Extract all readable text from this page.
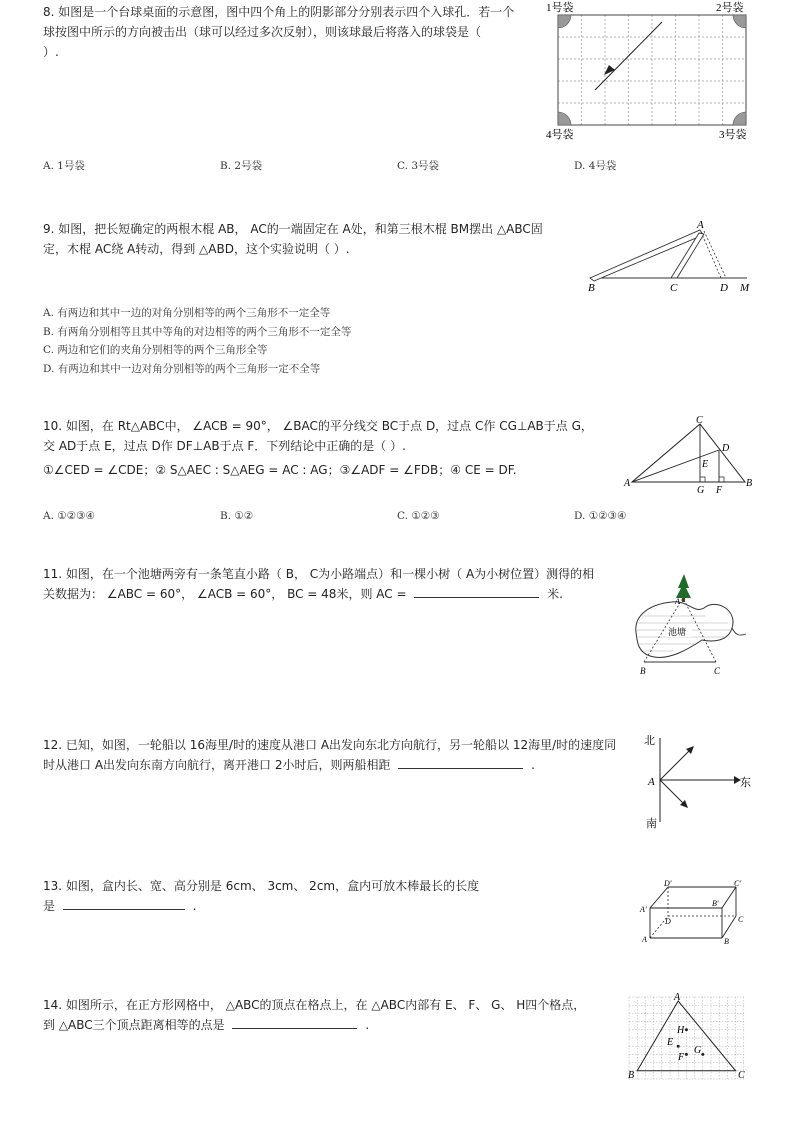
8. 如图是一个台球桌面的示意图，图中四个角上的阴影部分分别表示四个入球孔．若一个
球按图中所示的方向被击出（球可以经过多次反射），则该球最后将落入的球袋是（
）.
1号袋	2号袋
4号袋	3号袋
A. 1号袋	B. 2号袋	C. 3号袋	D. 4号袋
9. 如图，把长短确定的两根木棍 AB， AC的一端固定在 A处，和第三根木棍 BM摆出 △ABC固
定，木棍 AC绕 A转动，得到 △ABD，这个实验说明（ ）.
A
B	C	D M
A. 有两边和其中一边的对角分别相等的两个三角形不一定全等
B. 有两角分别相等且其中等角的对边相等的两个三角形不一定全等
C. 两边和它们的夹角分别相等的两个三角形全等
D. 有两边和其中一边对角分别相等的两个三角形一定不全等
10. 如图，在 Rt△ABC中， ∠ACB = 90°， ∠BAC的平分线交 BC于点 D，过点 C作 CG⊥AB于点 G，
交 AD于点 E，过点 D作 DF⊥AB于点 F．下列结论中正确的是（ ）.
①∠CED = ∠CDE；② S△AEC : S△AEG = AC : AG；③∠ADF = ∠FDB；④ CE = DF.
C
D
E
A	B
G F
A. ①②③④	B. ①②	C. ①②③	D. ①②③④
11. 如图，在一个池塘两旁有一条笔直小路（ B， C为小路端点）和一棵小树（ A为小树位置）测得的相
关数据为： ∠ABC = 60°， ∠ACB = 60°， BC = 48米，则 AC =	米.
池塘
A
B	C
12. 已知，如图，一轮船以 16海里/时的速度从港口 A出发向东北方向航行，另一轮船以 12海里/时的速度同
时从港口 A出发向东南方向航行，离开港口 2小时后，则两船相距	.
北
A	东
南
13. 如图，盒内长、宽、高分别是 6cm、 3cm、 2cm，盒内可放木棒最长的长度
是	.
D′	C′
A′
B′
D	C
A	B
14. 如图所示，在正方形网格中， △ABC的顶点在格点上，在 △ABC内部有 E、 F、 G、 H四个格点，
到 △ABC三个顶点距离相等的点是	.
A
H
E
G
F
B	C
